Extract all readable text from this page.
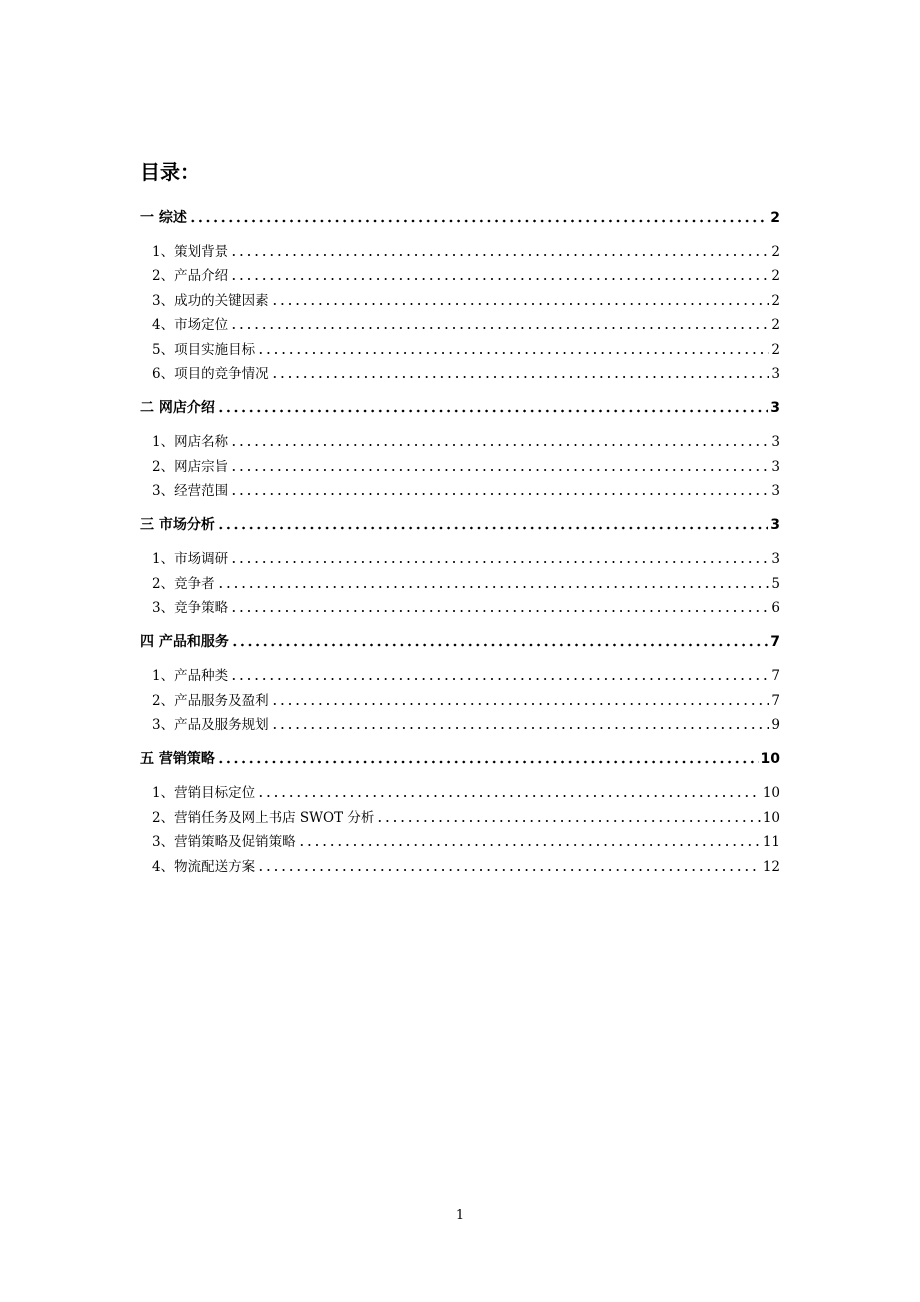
目录：
一 综述	2
1、策划背景	2
2、产品介绍	2
3、成功的关键因素	2
4、市场定位	2
5、项目实施目标	2
6、项目的竞争情况	3
二 网店介绍	3
1、网店名称	3
2、网店宗旨	3
3、经营范围	3
三 市场分析	3
1、市场调研	3
2、竞争者	5
3、竞争策略	6
四 产品和服务	7
1、产品种类	7
2、产品服务及盈利	7
3、产品及服务规划	9
五 营销策略	10
1、营销目标定位	10
2、营销任务及网上书店 SWOT 分析	10
3、营销策略及促销策略	11
4、物流配送方案	12
1
